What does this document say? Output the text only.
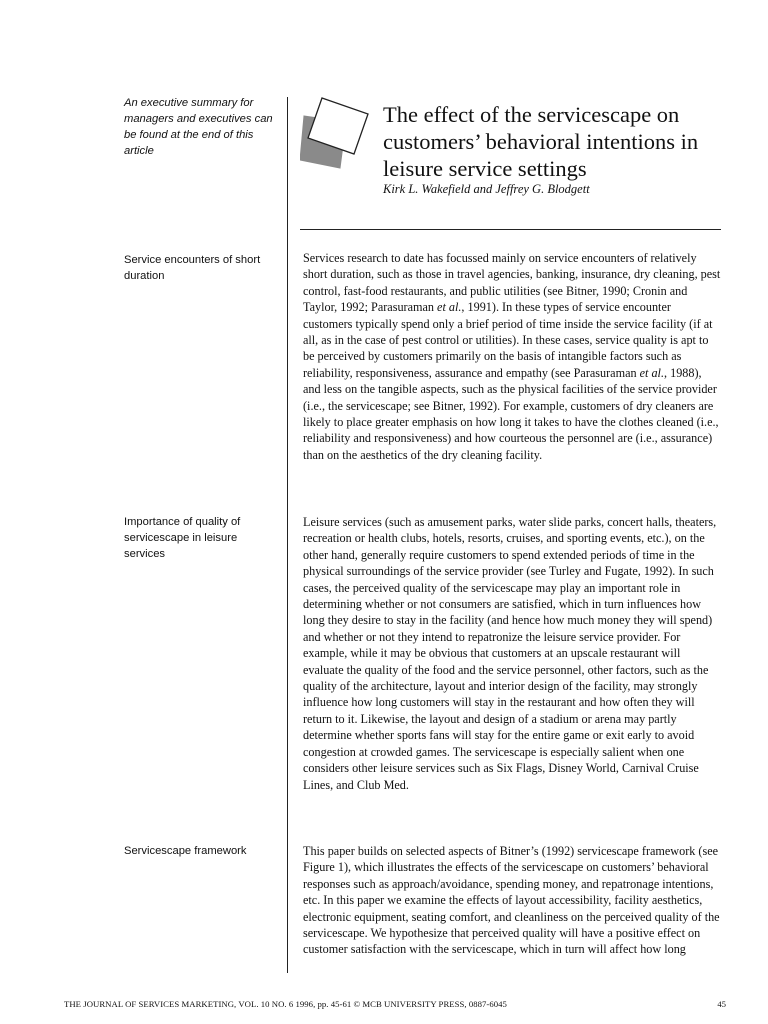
An executive summary for managers and executives can be found at the end of this article
The effect of the servicescape on customers’ behavioral intentions in leisure service settings

Kirk L. Wakefield and Jeffrey G. Blodgett

Service encounters of short duration

Services research to date has focussed mainly on service encounters of relatively short duration, such as those in travel agencies, banking, insurance, dry cleaning, pest control, fast-food restaurants, and public utilities (see Bitner, 1990; Cronin and Taylor, 1992; Parasuraman et al., 1991). In these types of service encounter customers typically spend only a brief period of time inside the service facility (if at all, as in the case of pest control or utilities). In these cases, service quality is apt to be perceived by customers primarily on the basis of intangible factors such as reliability, responsiveness, assurance and empathy (see Parasuraman et al., 1988), and less on the tangible aspects, such as the physical facilities of the service provider (i.e., the servicescape; see Bitner, 1992). For example, customers of dry cleaners are likely to place greater emphasis on how long it takes to have the clothes cleaned (i.e., reliability and responsiveness) and how courteous the personnel are (i.e., assurance) than on the aesthetics of the dry cleaning facility.

Importance of quality of servicescape in leisure services

Leisure services (such as amusement parks, water slide parks, concert halls, theaters, recreation or health clubs, hotels, resorts, cruises, and sporting events, etc.), on the other hand, generally require customers to spend extended periods of time in the physical surroundings of the service provider (see Turley and Fugate, 1992). In such cases, the perceived quality of the servicescape may play an important role in determining whether or not consumers are satisfied, which in turn influences how long they desire to stay in the facility (and hence how much money they will spend) and whether or not they intend to repatronize the leisure service provider. For example, while it may be obvious that customers at an upscale restaurant will evaluate the quality of the food and the service personnel, other factors, such as the quality of the architecture, layout and interior design of the facility, may strongly influence how long customers will stay in the restaurant and how often they will return to it. Likewise, the layout and design of a stadium or arena may partly determine whether sports fans will stay for the entire game or exit early to avoid congestion at crowded games. The servicescape is especially salient when one considers other leisure services such as Six Flags, Disney World, Carnival Cruise Lines, and Club Med.

Servicescape framework	This paper builds on selected aspects of Bitner’s (1992) servicescape framework (see Figure 1), which illustrates the effects of the servicescape on customers’ behavioral responses such as approach/avoidance, spending money, and repatronage intentions, etc. In this paper we examine the effects of layout accessibility, facility aesthetics, electronic equipment, seating comfort, and cleanliness on the perceived quality of the servicescape. We hypothesize that perceived quality will have a positive effect on customer satisfaction with the servicescape, which in turn will affect how long

THE JOURNAL OF SERVICES MARKETING, VOL. 10 NO. 6 1996, pp. 45-61 © MCB UNIVERSITY PRESS, 0887-6045	45
